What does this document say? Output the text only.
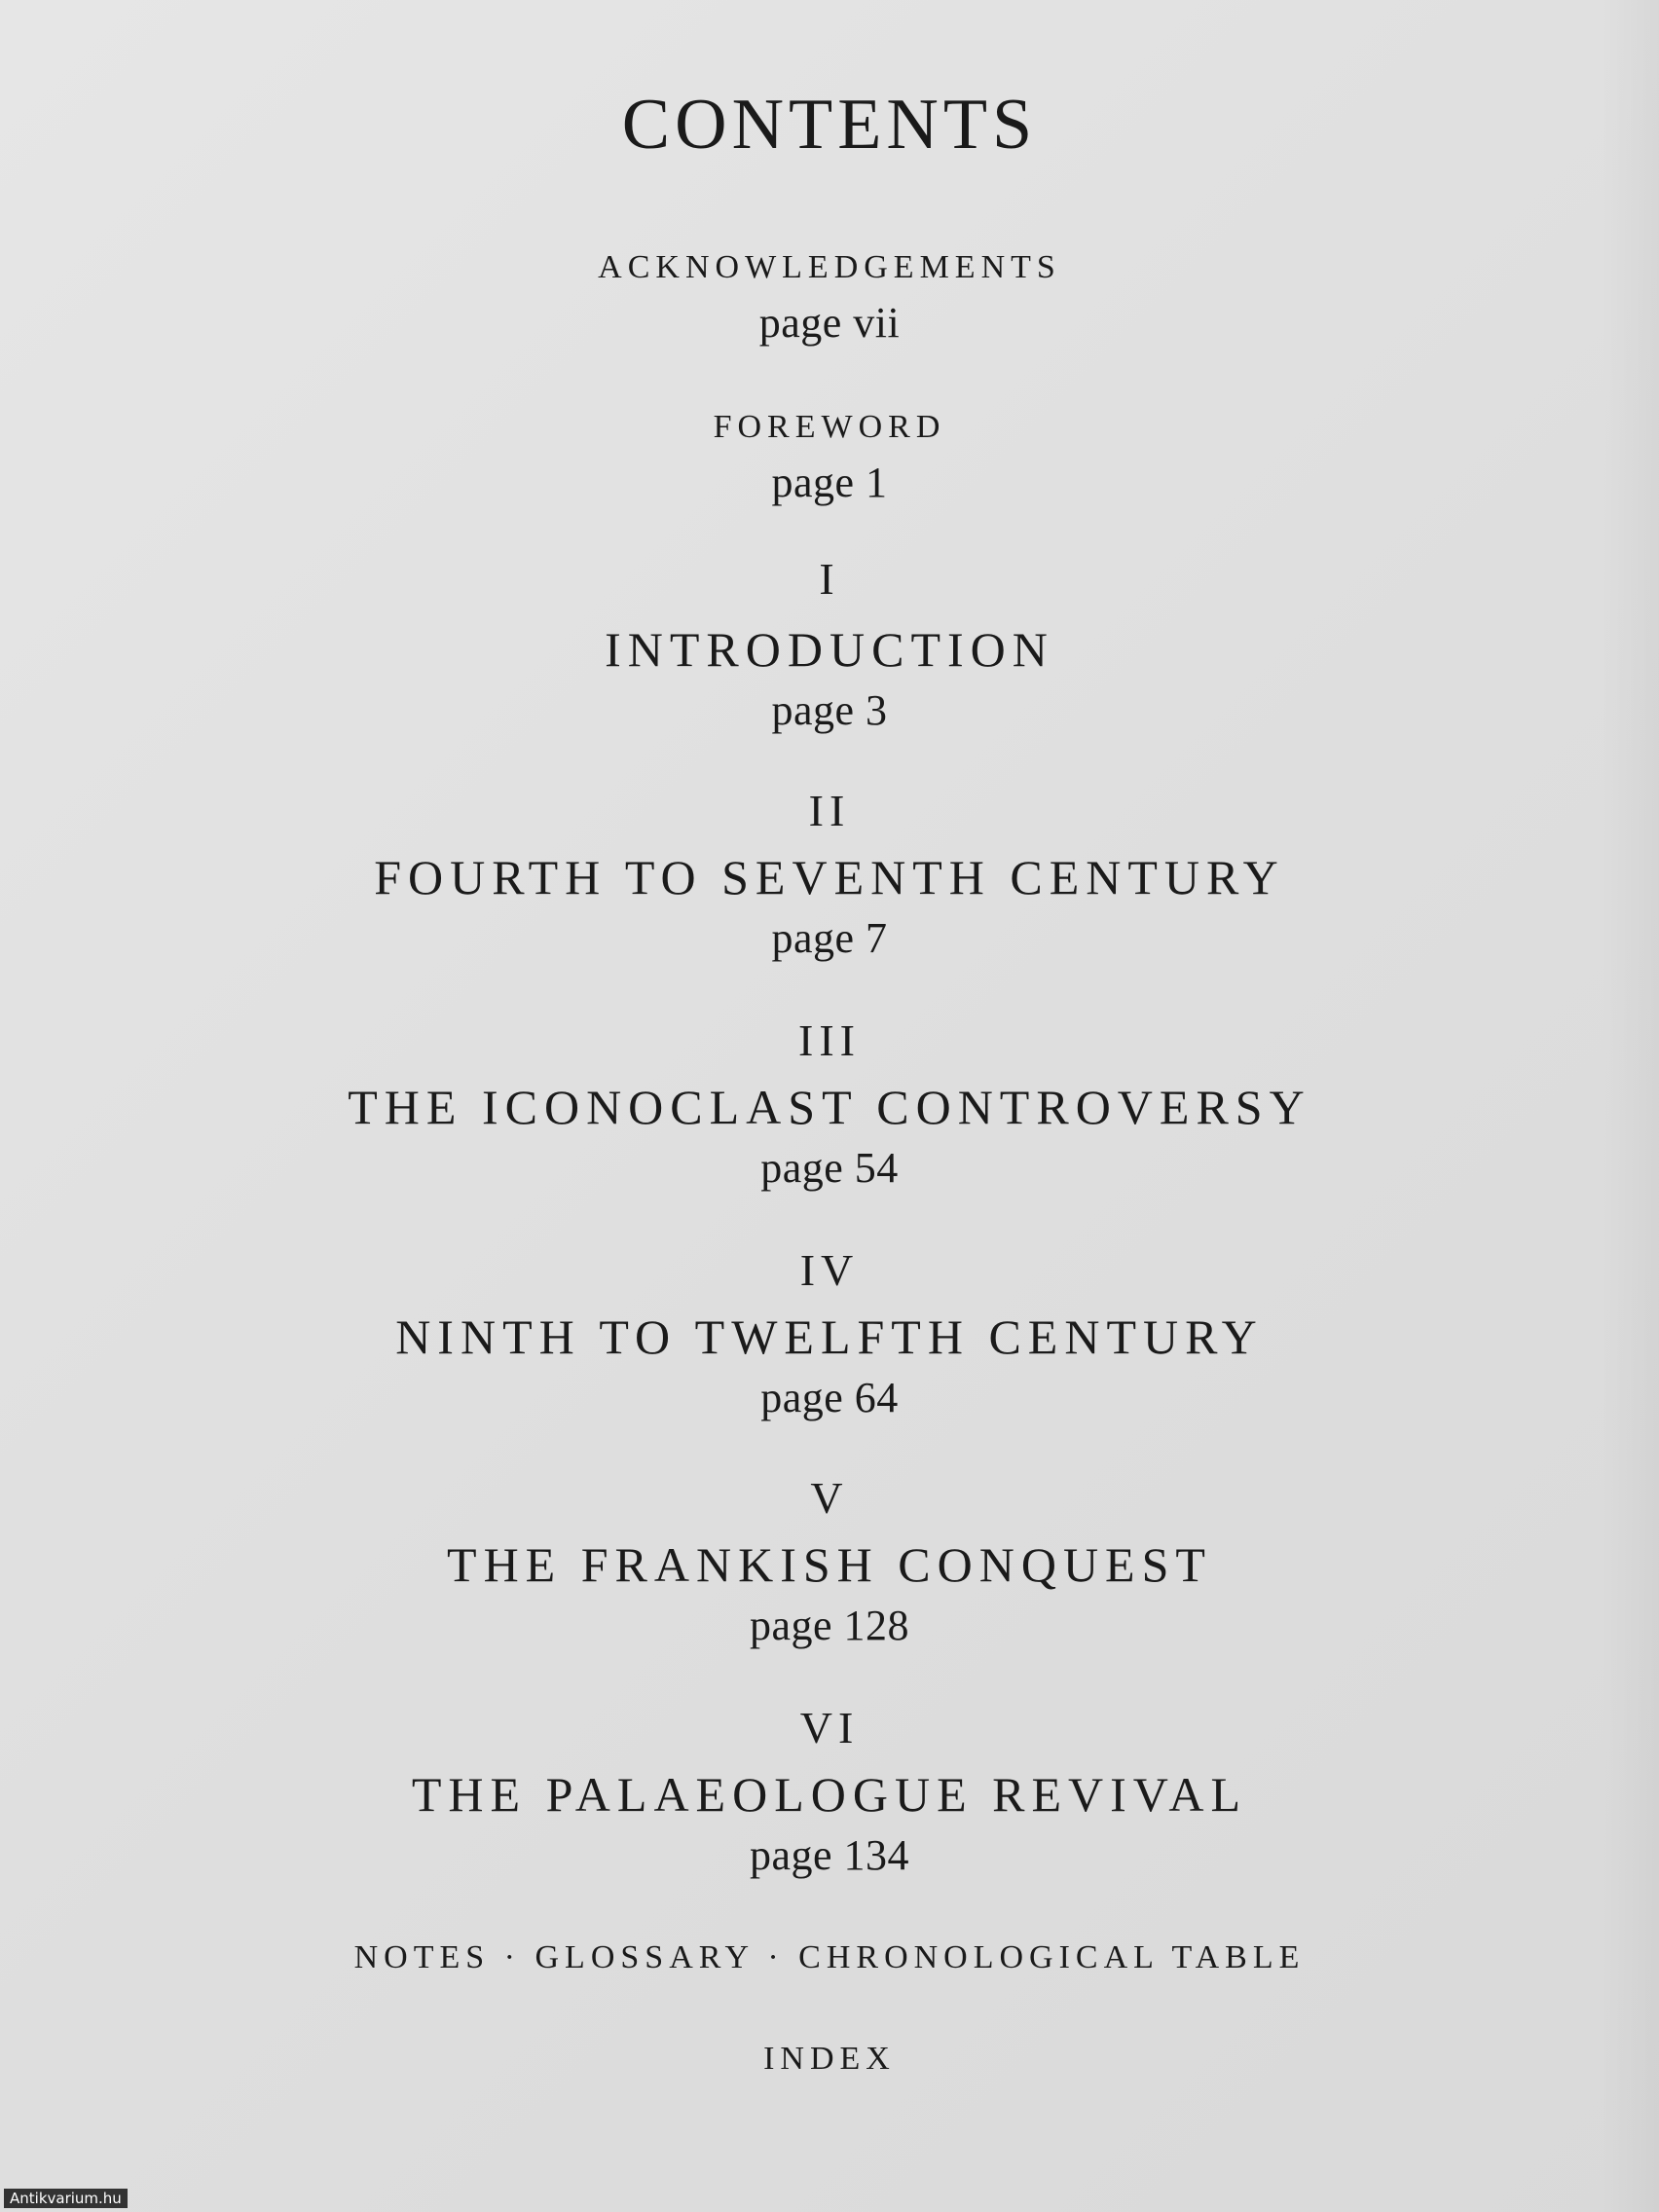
CONTENTS
ACKNOWLEDGEMENTS
page vii
FOREWORD
page 1
I
INTRODUCTION
page 3
II
FOURTH TO SEVENTH CENTURY
page 7
III
THE ICONOCLAST CONTROVERSY
page 54
IV
NINTH TO TWELFTH CENTURY
page 64
V
THE FRANKISH CONQUEST
page 128
VI
THE PALAEOLOGUE REVIVAL
page 134
NOTES · GLOSSARY · CHRONOLOGICAL TABLE
INDEX
Antikvarium.hu
